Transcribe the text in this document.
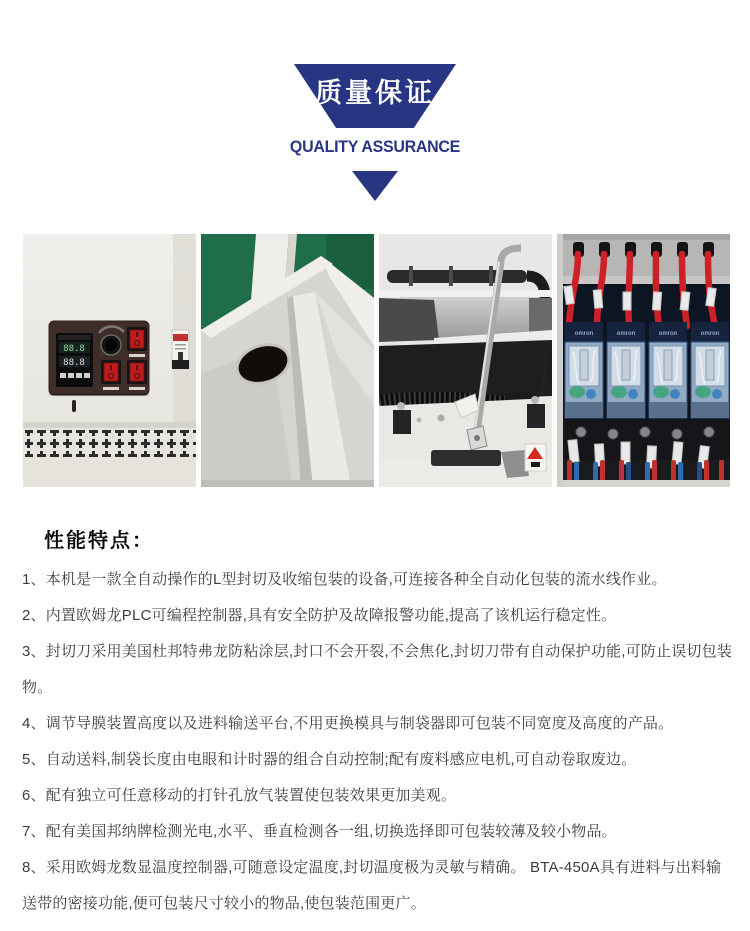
质量保证
QUALITY ASSURANCE
88.8
88.8
性能特点：

1、本机是一款全自动操作的L型封切及收缩包装的设备,可连接各种全自动化包装的流水线作业。

2、内置欧姆龙PLC可编程控制器,具有安全防护及故障报警功能,提高了该机运行稳定性。

3、封切刀采用美国杜邦特弗龙防粘涂层,封口不会开裂,不会焦化,封切刀带有自动保护功能,可防止误切包装物。

4、调节导膜装置高度以及进料输送平台,不用更换模具与制袋器即可包装不同宽度及高度的产品。

5、自动送料,制袋长度由电眼和计时器的组合自动控制;配有废料感应电机,可自动卷取废边。

6、配有独立可任意移动的打针孔放气装置使包装效果更加美观。

7、配有美国邦纳牌检测光电,水平、垂直检测各一组,切换选择即可包装较薄及较小物品。

8、采用欧姆龙数显温度控制器,可随意设定温度,封切温度极为灵敏与精确。 BTA-450A具有进料与出料输送带的密接功能,便可包装尺寸较小的物品,使包装范围更广。
